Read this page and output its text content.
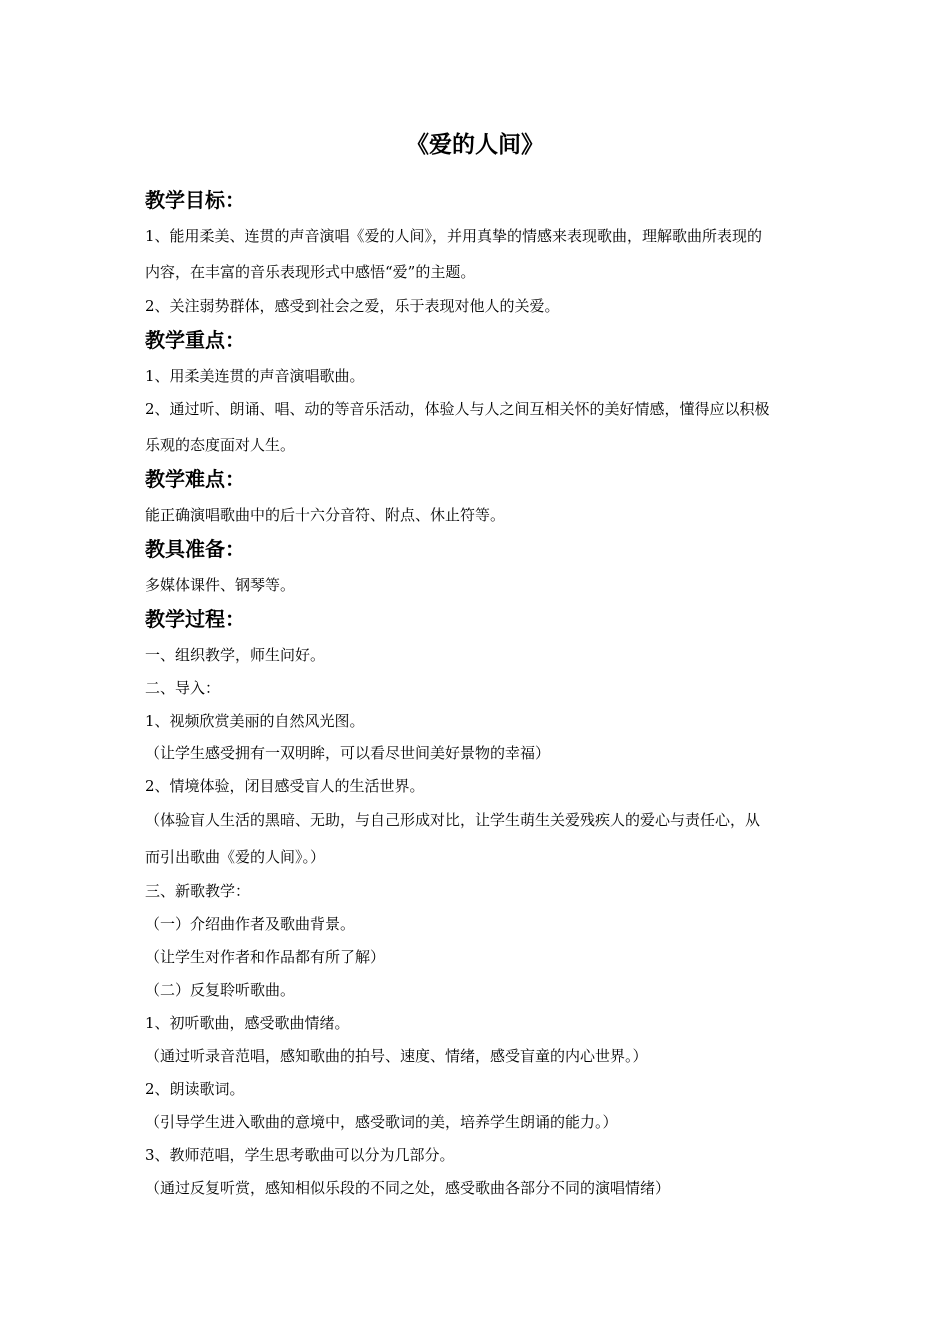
《爱的人间》
教学目标：
1、能用柔美、连贯的声音演唱《爱的人间》，并用真挚的情感来表现歌曲，理解歌曲所表现的
内容，在丰富的音乐表现形式中感悟“爱”的主题。
2、关注弱势群体，感受到社会之爱，乐于表现对他人的关爱。
教学重点：
1、用柔美连贯的声音演唱歌曲。
2、通过听、朗诵、唱、动的等音乐活动，体验人与人之间互相关怀的美好情感，懂得应以积极
乐观的态度面对人生。
教学难点：
能正确演唱歌曲中的后十六分音符、附点、休止符等。
教具准备：
多媒体课件、钢琴等。
教学过程：
一、组织教学，师生问好。
二、导入：
1、视频欣赏美丽的自然风光图。
（让学生感受拥有一双明眸，可以看尽世间美好景物的幸福）
2、情境体验，闭目感受盲人的生活世界。
（体验盲人生活的黑暗、无助，与自己形成对比，让学生萌生关爱残疾人的爱心与责任心，从
而引出歌曲《爱的人间》。）
三、新歌教学：
（一）介绍曲作者及歌曲背景。
（让学生对作者和作品都有所了解）
（二）反复聆听歌曲。
1、初听歌曲，感受歌曲情绪。
（通过听录音范唱，感知歌曲的拍号、速度、情绪，感受盲童的内心世界。）
2、朗读歌词。
（引导学生进入歌曲的意境中，感受歌词的美，培养学生朗诵的能力。）
3、教师范唱，学生思考歌曲可以分为几部分。
（通过反复听赏，感知相似乐段的不同之处，感受歌曲各部分不同的演唱情绪）
